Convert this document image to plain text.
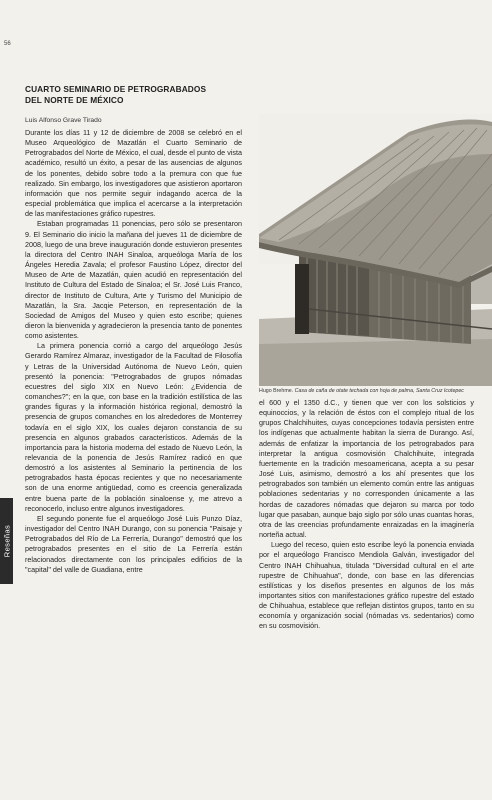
56
CUARTO SEMINARIO DE PETROGRABADOS
DEL NORTE DE MÉXICO
Luis Alfonso Grave Tirado

Durante los días 11 y 12 de diciembre de 2008 se celebró en el Museo Arqueológico de Mazatlán el Cuarto Seminario de Petrograbados del Norte de México, el cual, desde el punto de vista académico, resultó un éxito, a pesar de las ausencias de algunos de los ponentes, debido sobre todo a la premura con que fue realizado. Sin embargo, los investigadores que asistieron aportaron información que nos permite seguir indagando acerca de la especial problemática que implica el acercarse a la interpretación de las manifestaciones gráfico rupestres.

Estaban programadas 11 ponencias, pero sólo se presentaron 9. El Seminario dio inicio la mañana del jueves 11 de diciembre de 2008, luego de una breve inauguración donde estuvieron presentes la directora del Centro INAH Sinaloa, arqueóloga María de los Ángeles Heredia Zavala; el profesor Faustino López, director del Museo de Arte de Mazatlán, quien acudió en representación del Instituto de Cultura del Estado de Sinaloa; el Sr. José Luis Franco, director de Instituto de Cultura, Arte y Turismo del Municipio de Mazatlán, la Sra. Jacqie Peterson, en representación de la Sociedad de Amigos del Museo y quien esto escribe; quienes dieron la bienvenida y agradecieron la presencia tanto de ponentes como asistentes.

La primera ponencia corrió a cargo del arqueólogo Jesús Gerardo Ramírez Almaraz, investigador de la Facultad de Filosofía y Letras de la Universidad Autónoma de Nuevo León, quien presentó la ponencia: "Petrograbados de grupos nómadas ecuestres del siglo XIX en Nuevo León: ¿Evidencia de comanches?"; en la que, con base en la tradición estilística de las grandes figuras y la información histórica regional, demostró la presencia de grupos comanches en los alrededores de Monterrey todavía en el siglo XIX, los cuales dejaron constancia de su presencia en algunos grabados característicos. Además de la importancia para la historia moderna del estado de Nuevo León, la relevancia de la ponencia de Jesús Ramírez radicó en que demostró a los asistentes al Seminario la pertinencia de los petrograbados hasta épocas recientes y que no necesariamente son de una enorme antigüedad, como es creencia generalizada entre buena parte de la población sinaloense y, me atrevo a reconocerlo, incluso entre algunos investigadores.

El segundo ponente fue el arqueólogo José Luis Punzo Díaz, investigador del Centro INAH Durango, con su ponencia "Paisaje y Petrograbados del Río de La Ferrería, Durango" demostró que los petrograbados presentes en el sitio de La Ferrería están relacionados directamente con los principales edificios de la "capital" del valle de Guadiana, entre

Hugo Brehme. Casa de caña de otate techada con hoja de palma, Santa Cruz Icotepec

el 600 y el 1350 d.C., y tienen que ver con los solsticios y equinoccios, y la relación de éstos con el complejo ritual de los grupos Chalchihuites, cuyas concepciones todavía persisten entre los indígenas que actualmente habitan la sierra de Durango. Así, además de enfatizar la importancia de los petrograbados para interpretar la antigua cosmovisión Chalchihuite, integrada fuertemente en la tradición mesoamericana, acepta a su pesar José Luis, asimismo, demostró a los ahí presentes que los petrograbados son también un elemento común entre las antiguas poblaciones sedentarias y no corresponden únicamente a las hordas de cazadores nómadas que dejaron su marca por todo lugar que pasaban, aunque bajo siglo por sólo unas cuantas horas, otra de las creencias profundamente enraizadas en la imaginería norteña actual.

Luego del receso, quien esto escribe leyó la ponencia enviada por el arqueólogo Francisco Mendiola Galván, investigador del Centro INAH Chihuahua, titulada "Diversidad cultural en el arte rupestre de Chihuahua", donde, con base en las diferencias estilísticas y los diseños presentes en algunos de los más importantes sitios con manifestaciones gráfico rupestre del estado de Chihuahua, establece que reflejan distintos grupos, tanto en su economía y organización social (nómadas vs. sedentarios) como en su cosmovisión.

Reseñas
